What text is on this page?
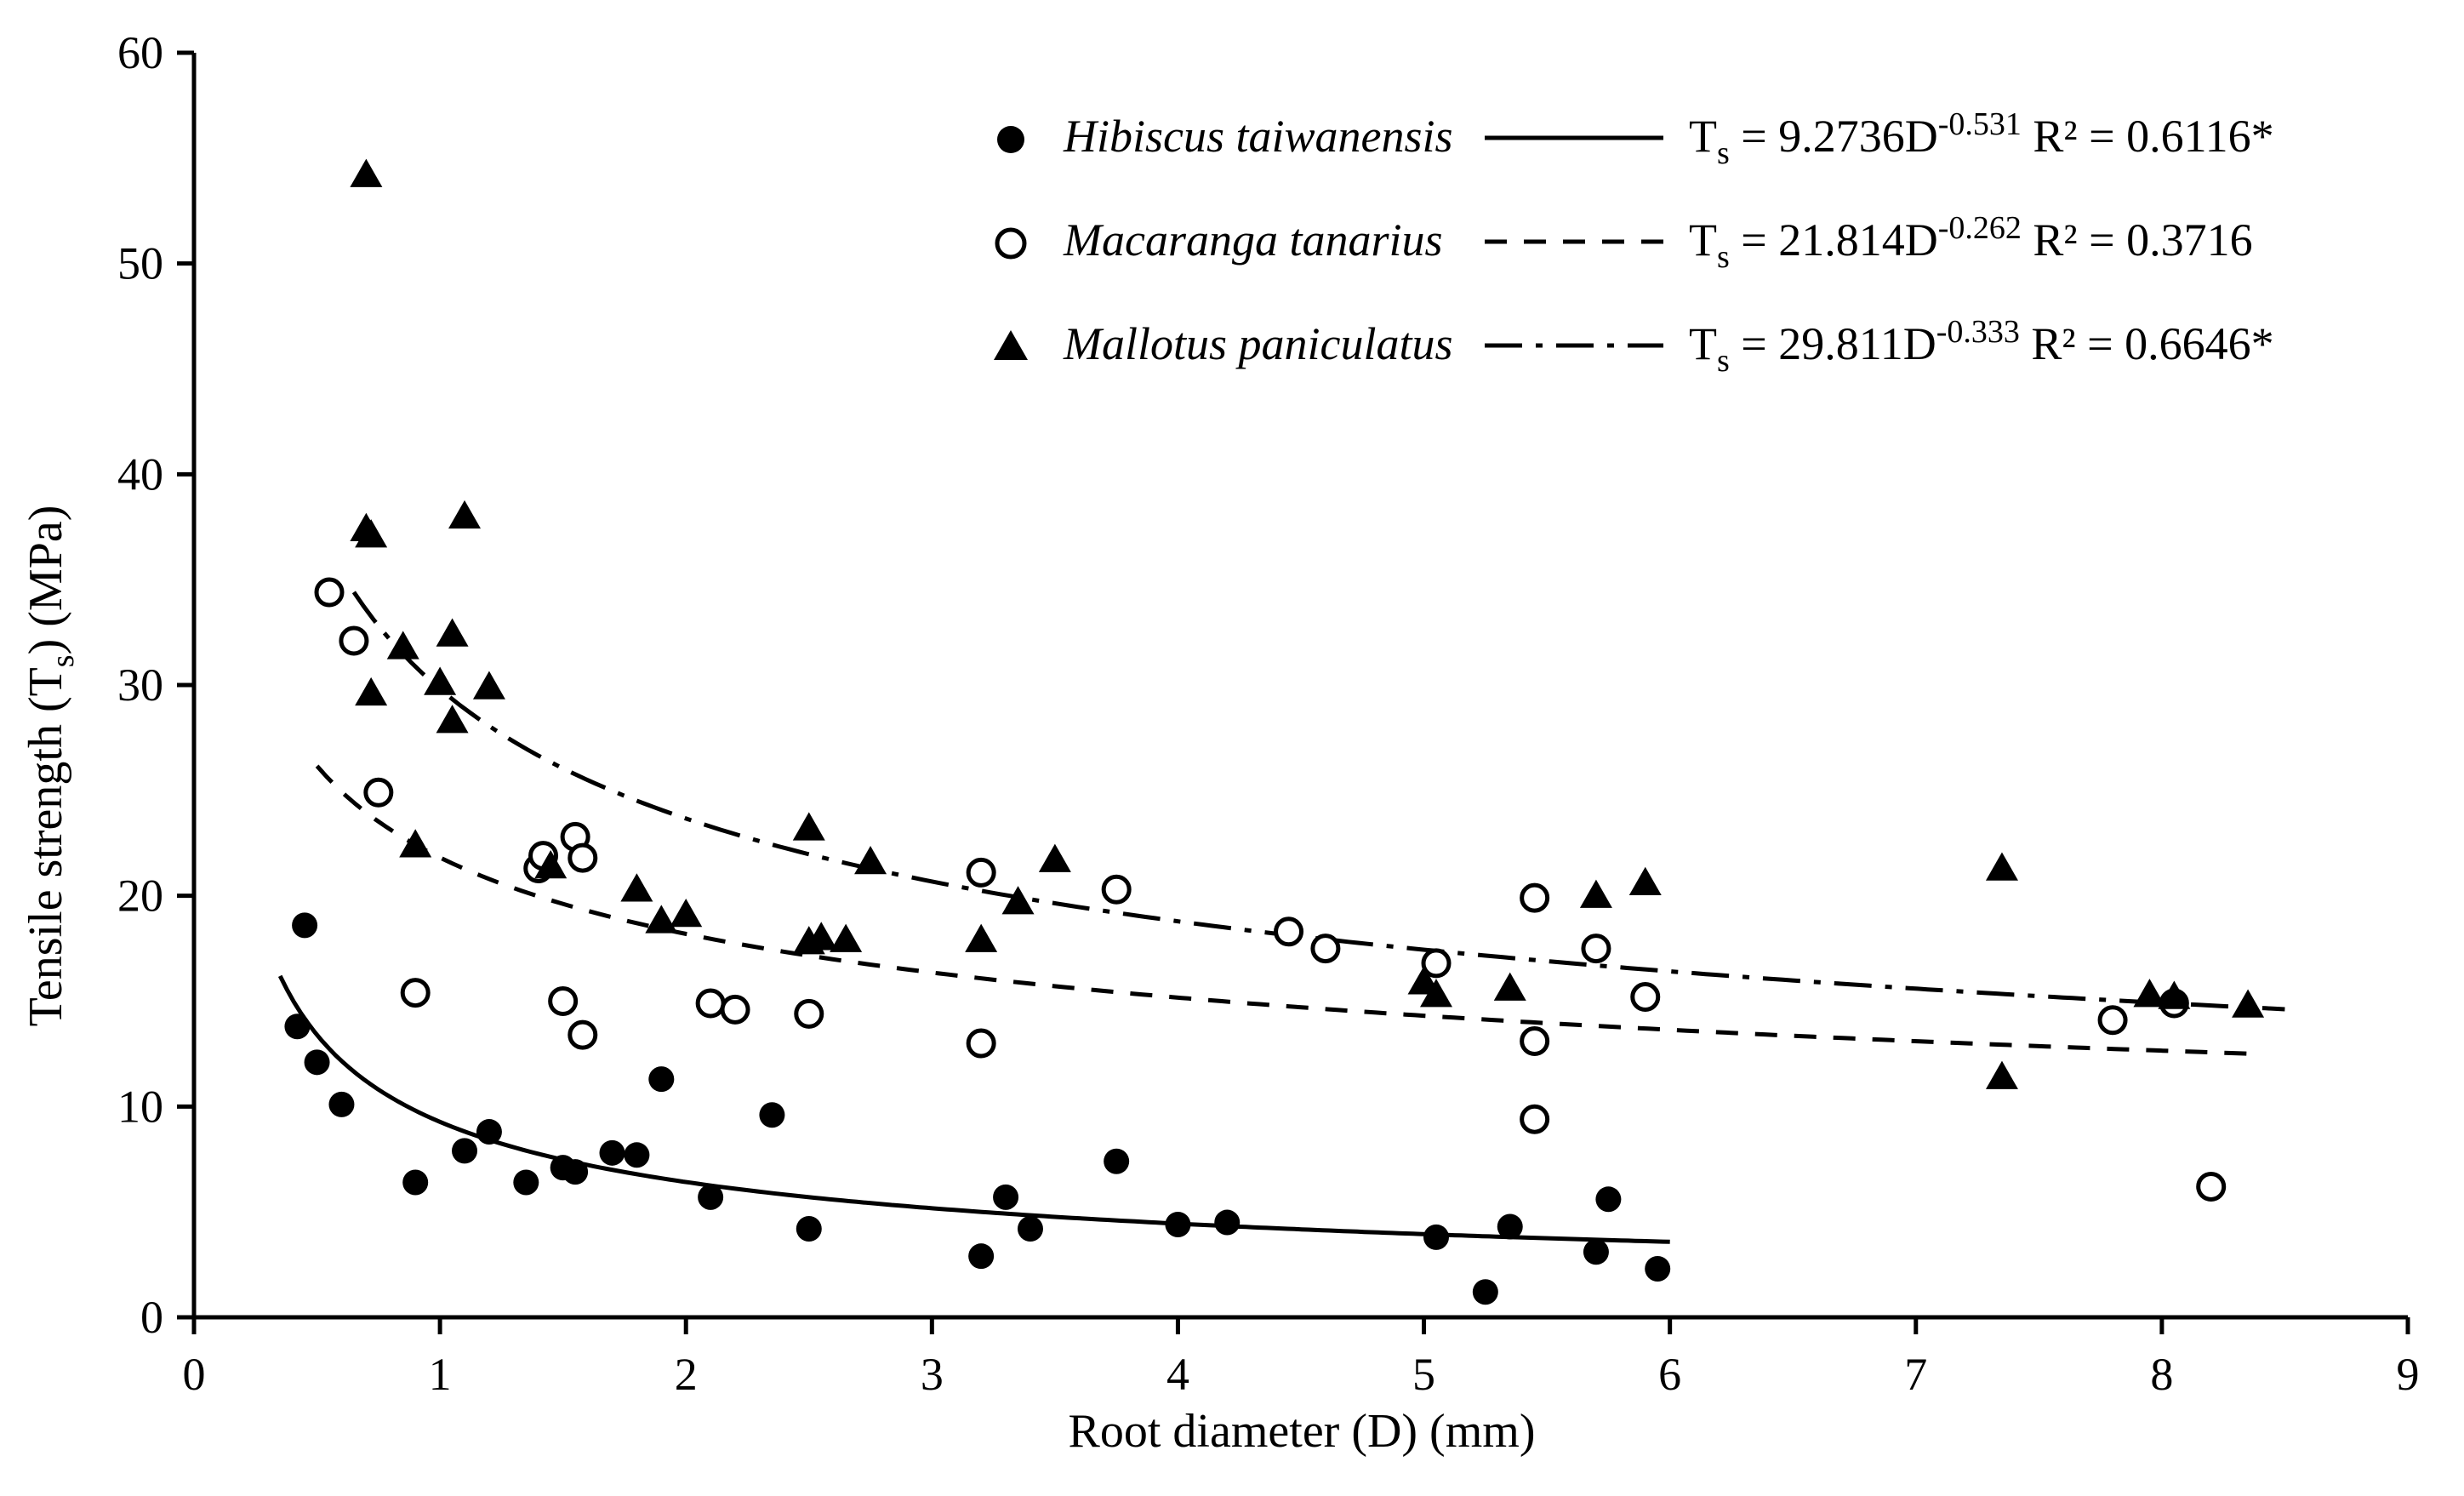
0	1	2	3	4	5	6	7	8	9
0
10
20
30
40
50
60
Tensile strength $(T_s)$ (MPa)
Root diameter (D) (mm)
Hibiscus taiwanensis	$T_s = 9.2736D^{-0.531}$ R² = 0.6116*
Macaranga tanarius	$T_s = 21.814D^{-0.262}$ R² = 0.3716
Mallotus paniculatus	$T_s = 29.811D^{-0.333}$ R² = 0.6646*
